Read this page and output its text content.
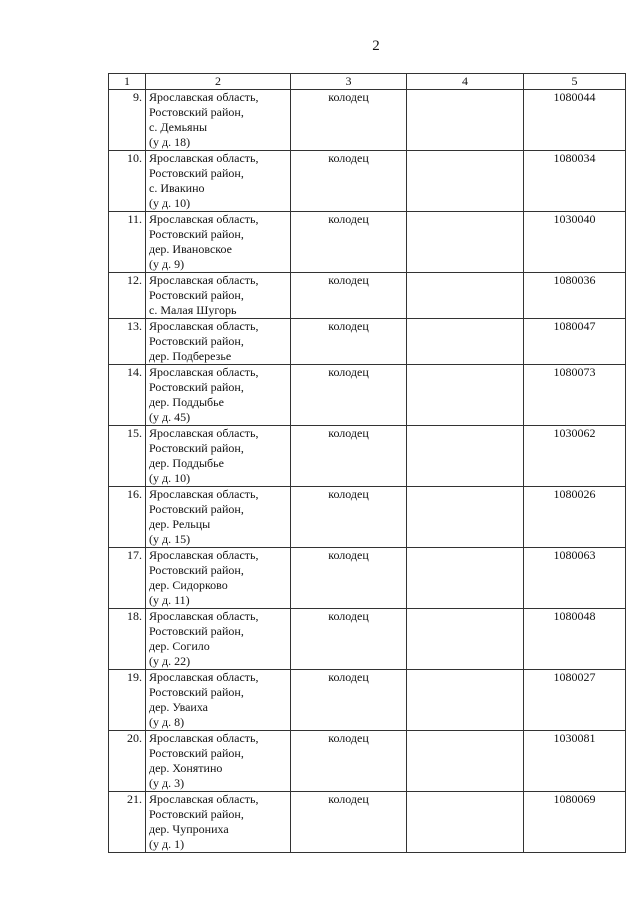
2
1	2	3	4	5
9.	Ярославская область,
Ростовский район,
с. Демьяны
(у д. 18)	колодец		1080044
10.	Ярославская область,
Ростовский район,
с. Ивакино
(у д. 10)	колодец		1080034
11.	Ярославская область,
Ростовский район,
дер. Ивановское
(у д. 9)	колодец		1030040
12.	Ярославская область,
Ростовский район,
с. Малая Шугорь	колодец		1080036
13.	Ярославская область,
Ростовский район,
дер. Подберезье	колодец		1080047
14.	Ярославская область,
Ростовский район,
дер. Поддыбье
(у д. 45)	колодец		1080073
15.	Ярославская область,
Ростовский район,
дер. Поддыбье
(у д. 10)	колодец		1030062
16.	Ярославская область,
Ростовский район,
дер. Рельцы
(у д. 15)	колодец		1080026
17.	Ярославская область,
Ростовский район,
дер. Сидорково
(у д. 11)	колодец		1080063
18.	Ярославская область,
Ростовский район,
дер. Согило
(у д. 22)	колодец		1080048
19.	Ярославская область,
Ростовский район,
дер. Уваиха
(у д. 8)	колодец		1080027
20.	Ярославская область,
Ростовский район,
дер. Хонятино
(у д. 3)	колодец		1030081
21.	Ярославская область,
Ростовский район,
дер. Чупрониха
(у д. 1)	колодец		1080069
